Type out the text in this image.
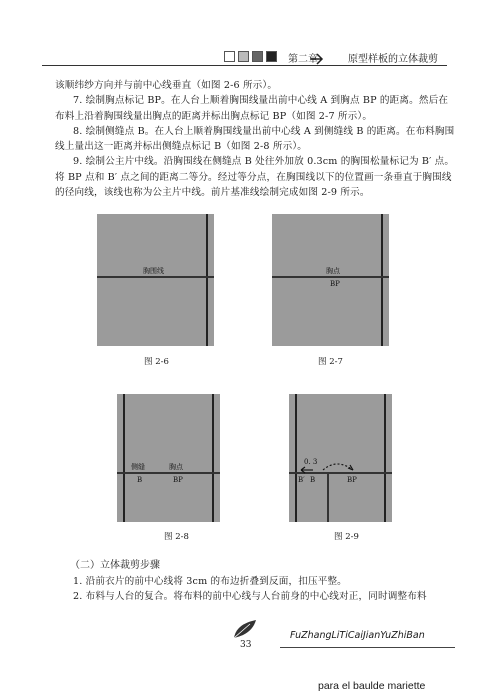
第二章	原型样板的立体裁剪

该顺纬纱方向并与前中心线垂直（如图 2-6 所示）。

7. 绘制胸点标记 BP。在人台上顺着胸围线量出前中心线 A 到胸点 BP 的距离。然后在布料上沿着胸围线量出胸点的距离并标出胸点标记 BP（如图 2-7 所示）。

8. 绘制侧缝点 B。在人台上顺着胸围线量出前中心线 A 到侧缝线 B 的距离。在布料胸围线上量出这一距离并标出侧缝点标记 B（如图 2-8 所示）。

9. 绘制公主片中线。沿胸围线在侧缝点 B 处往外加放 0.3cm 的胸围松量标记为 B′ 点。将 BP 点和 B′ 点之间的距离二等分。经过等分点，在胸围线以下的位置画一条垂直于胸围线的径向线，该线也称为公主片中线。前片基准线绘制完成如图 2-9 所示。

胸围线
图 2-6
胸点
BP
图 2-7
侧缝	胸点
B	BP
图 2-8
0. 3
B′ B	BP
图 2-9
（二）立体裁剪步骤

1. 沿前衣片的前中心线将 3cm 的布边折叠到反面，扣压平整。

2. 布料与人台的复合。将布料的前中心线与人台前身的中心线对正，同时调整布料

33
FuZhangLiTiCaiJianYuZhiBan
para el baulde mariette
